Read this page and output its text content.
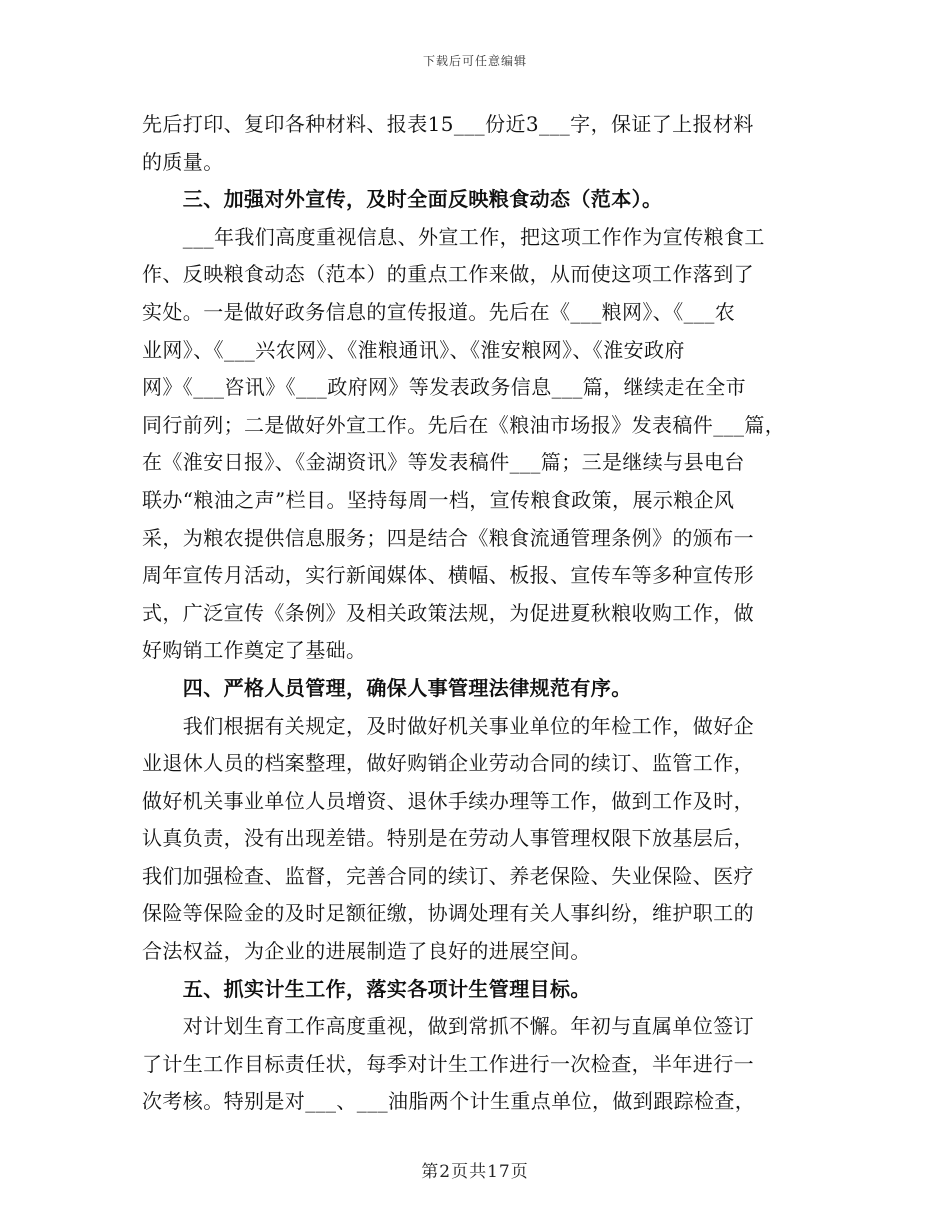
下载后可任意编辑
先后打印、复印各种材料、报表15___份近3___字，保证了上报材料
的质量。
　　三、加强对外宣传，及时全面反映粮食动态（范本）。
　　___年我们高度重视信息、外宣工作，把这项工作作为宣传粮食工
作、反映粮食动态（范本）的重点工作来做，从而使这项工作落到了
实处。一是做好政务信息的宣传报道。先后在《___粮网》、《___农
业网》、《___兴农网》、《淮粮通讯》、《淮安粮网》、《淮安政府
网》《___咨讯》《___政府网》等发表政务信息___篇，继续走在全市
同行前列；二是做好外宣工作。先后在《粮油市场报》发表稿件___篇，
在《淮安日报》、《金湖资讯》等发表稿件___篇；三是继续与县电台
联办“粮油之声”栏目。坚持每周一档，宣传粮食政策，展示粮企风
采，为粮农提供信息服务；四是结合《粮食流通管理条例》的颁布一
周年宣传月活动，实行新闻媒体、横幅、板报、宣传车等多种宣传形
式，广泛宣传《条例》及相关政策法规，为促进夏秋粮收购工作，做
好购销工作奠定了基础。
　　四、严格人员管理，确保人事管理法律规范有序。
　　我们根据有关规定，及时做好机关事业单位的年检工作，做好企
业退休人员的档案整理，做好购销企业劳动合同的续订、监管工作，
做好机关事业单位人员增资、退休手续办理等工作，做到工作及时，
认真负责，没有出现差错。特别是在劳动人事管理权限下放基层后，
我们加强检查、监督，完善合同的续订、养老保险、失业保险、医疗
保险等保险金的及时足额征缴，协调处理有关人事纠纷，维护职工的
合法权益，为企业的进展制造了良好的进展空间。
　　五、抓实计生工作，落实各项计生管理目标。
　　对计划生育工作高度重视，做到常抓不懈。年初与直属单位签订
了计生工作目标责任状，每季对计生工作进行一次检查，半年进行一
次考核。特别是对___、___油脂两个计生重点单位，做到跟踪检查，
第2页共17页
